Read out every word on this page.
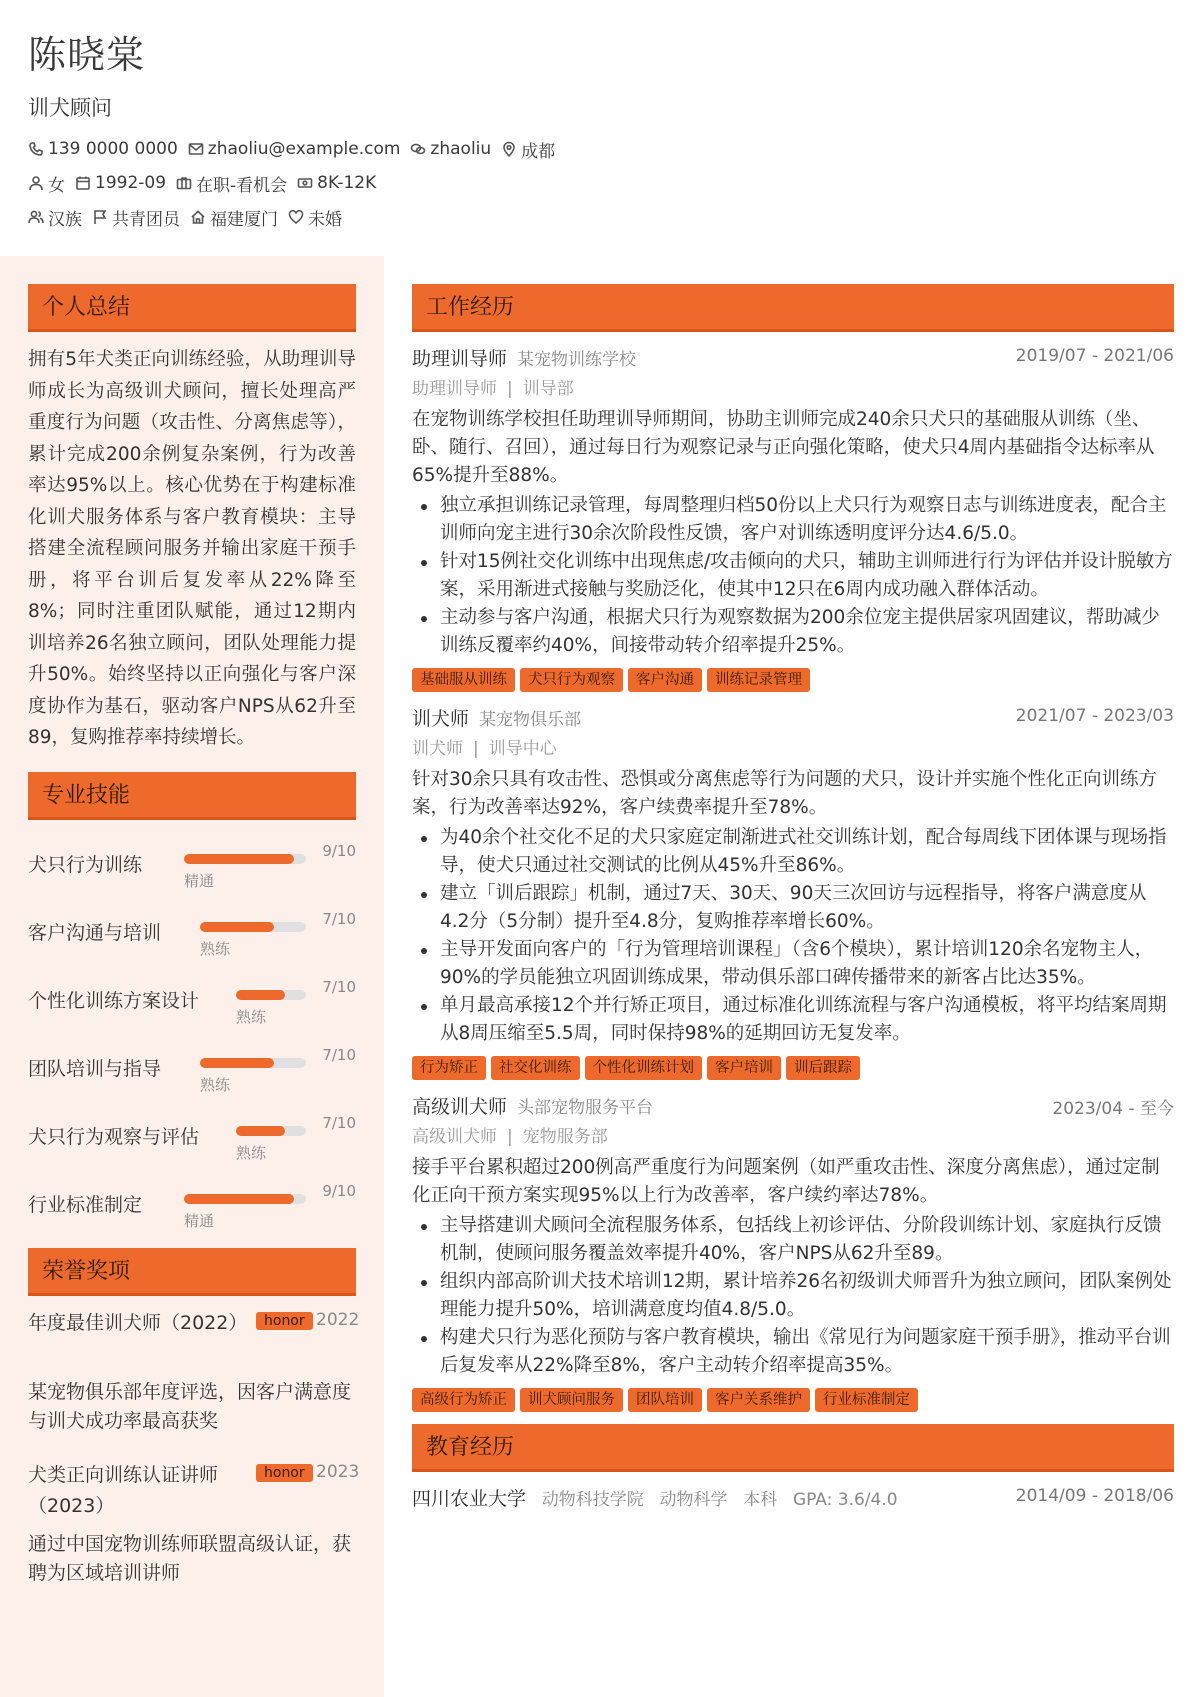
陈晓棠
训犬顾问
139 0000 0000 zhaoliu@example.com zhaoliu 成都
女 1992-09 在职-看机会 8K-12K
汉族 共青团员 福建厦门 未婚
个人总结
拥有5年犬类正向训练经验，从助理训导师成长为高级训犬顾问，擅长处理高严重度行为问题（攻击性、分离焦虑等），累计完成200余例复杂案例，行为改善率达95%以上。核心优势在于构建标准化训犬服务体系与客户教育模块：主导搭建全流程顾问服务并输出家庭干预手册，将平台训后复发率从22%降至8%；同时注重团队赋能，通过12期内训培养26名独立顾问，团队处理能力提升50%。始终坚持以正向强化与客户深度协作为基石，驱动客户NPS从62升至89，复购推荐率持续增长。
专业技能
犬只行为训练
精通
9/10
客户沟通与培训
熟练
7/10
个性化训练方案设计
熟练
7/10
团队培训与指导
熟练
7/10
犬只行为观察与评估
熟练
7/10
行业标准制定
精通
9/10
荣誉奖项
年度最佳训犬师（2022）	honor 2022
某宠物俱乐部年度评选，因客户满意度与训犬成功率最高获奖
犬类正向训练认证讲师（2023）
honor 2023
通过中国宠物训练师联盟高级认证，获聘为区域培训讲师
工作经历
助理训导师 某宠物训练学校	2019/07 - 2021/06
助理训导师 | 训导部
在宠物训练学校担任助理训导师期间，协助主训师完成240余只犬只的基础服从训练（坐、卧、随行、召回），通过每日行为观察记录与正向强化策略，使犬只4周内基础指令达标率从65%提升至88%。
独立承担训练记录管理，每周整理归档50份以上犬只行为观察日志与训练进度表，配合主训师向宠主进行30余次阶段性反馈，客户对训练透明度评分达4.6/5.0。
针对15例社交化训练中出现焦虑/攻击倾向的犬只，辅助主训师进行行为评估并设计脱敏方案，采用渐进式接触与奖励泛化，使其中12只在6周内成功融入群体活动。
主动参与客户沟通，根据犬只行为观察数据为200余位宠主提供居家巩固建议，帮助减少训练反覆率约40%，间接带动转介绍率提升25%。
基础服从训练	犬只行为观察	客户沟通	训练记录管理
训犬师 某宠物俱乐部	2021/07 - 2023/03
训犬师 | 训导中心
针对30余只具有攻击性、恐惧或分离焦虑等行为问题的犬只，设计并实施个性化正向训练方案，行为改善率达92%，客户续费率提升至78%。
为40余个社交化不足的犬只家庭定制渐进式社交训练计划，配合每周线下团体课与现场指导，使犬只通过社交测试的比例从45%升至86%。
建立「训后跟踪」机制，通过7天、30天、90天三次回访与远程指导，将客户满意度从4.2分（5分制）提升至4.8分，复购推荐率增长60%。
主导开发面向客户的「行为管理培训课程」（含6个模块），累计培训120余名宠物主人，90%的学员能独立巩固训练成果，带动俱乐部口碑传播带来的新客占比达35%。
单月最高承接12个并行矫正项目，通过标准化训练流程与客户沟通模板，将平均结案周期从8周压缩至5.5周，同时保持98%的延期回访无复发率。
行为矫正	社交化训练	个性化训练计划	客户培训	训后跟踪
高级训犬师 头部宠物服务平台	2023/04 - 至今
高级训犬师 | 宠物服务部
接手平台累积超过200例高严重度行为问题案例（如严重攻击性、深度分离焦虑），通过定制化正向干预方案实现95%以上行为改善率，客户续约率达78%。
主导搭建训犬顾问全流程服务体系，包括线上初诊评估、分阶段训练计划、家庭执行反馈机制，使顾问服务覆盖效率提升40%，客户NPS从62升至89。
组织内部高阶训犬技术培训12期，累计培养26名初级训犬师晋升为独立顾问，团队案例处理能力提升50%，培训满意度均值4.8/5.0。
构建犬只行为恶化预防与客户教育模块，输出《常见行为问题家庭干预手册》，推动平台训后复发率从22%降至8%，客户主动转介绍率提高35%。
高级行为矫正	训犬顾问服务	团队培训	客户关系维护	行业标准制定
教育经历
四川农业大学 动物科技学院 动物科学 本科 GPA: 3.6/4.0	2014/09 - 2018/06
